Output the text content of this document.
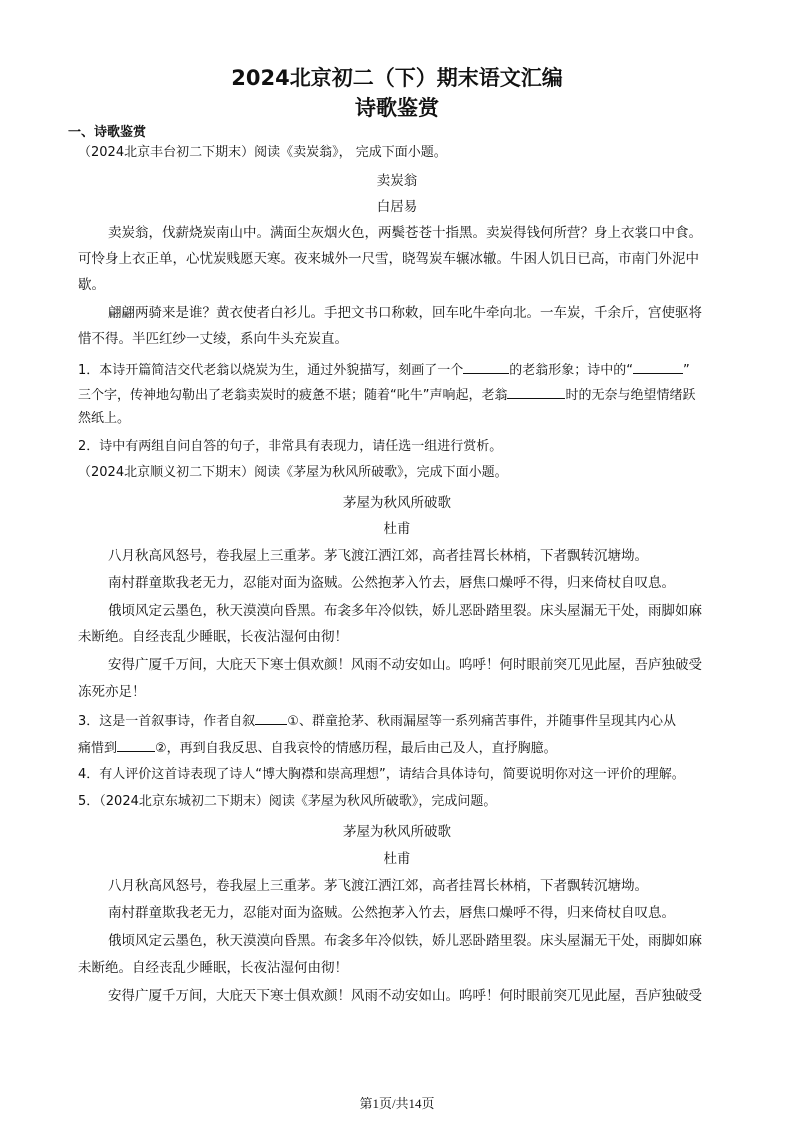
2024北京初二（下）期末语文汇编
诗歌鉴赏
一、诗歌鉴赏
（2024北京丰台初二下期末）阅读《卖炭翁》， 完成下面小题。
卖炭翁
白居易
卖炭翁，伐薪烧炭南山中。满面尘灰烟火色，两鬓苍苍十指黑。卖炭得钱何所营？身上衣裳口中食。
可怜身上衣正单，心忧炭贱愿天寒。夜来城外一尺雪，晓驾炭车辗冰辙。牛困人饥日已高，市南门外泥中
歇。
翩翩两骑来是谁？黄衣使者白衫儿。手把文书口称敕，回车叱牛牵向北。一车炭，千余斤，宫使驱将
惜不得。半匹红纱一丈绫，系向牛头充炭直。
1．本诗开篇简洁交代老翁以烧炭为生，通过外貌描写，刻画了一个	的老翁形象；诗中的“	”
三个字，传神地勾勒出了老翁卖炭时的疲惫不堪；随着“叱牛”声响起，老翁	时的无奈与绝望情绪跃
然纸上。
2．诗中有两组自问自答的句子，非常具有表现力，请任选一组进行赏析。
（2024北京顺义初二下期末）阅读《茅屋为秋风所破歌》，完成下面小题。
茅屋为秋风所破歌
杜甫
八月秋高风怒号，卷我屋上三重茅。茅飞渡江洒江郊，高者挂罥长林梢，下者飘转沉塘坳。
南村群童欺我老无力，忍能对面为盗贼。公然抱茅入竹去，唇焦口燥呼不得，归来倚杖自叹息。
俄顷风定云墨色，秋天漠漠向昏黑。布衾多年冷似铁，娇儿恶卧踏里裂。床头屋漏无干处，雨脚如麻
未断绝。自经丧乱少睡眠，长夜沾湿何由彻！
安得广厦千万间，大庇天下寒士俱欢颜！风雨不动安如山。呜呼！何时眼前突兀见此屋，吾庐独破受
冻死亦足！
3．这是一首叙事诗，作者自叙 ①、群童抢茅、秋雨漏屋等一系列痛苦事件，并随事件呈现其内心从
痛惜到	②，再到自我反思、自我哀怜的情感历程，最后由己及人，直抒胸臆。
4．有人评价这首诗表现了诗人“博大胸襟和崇高理想”，请结合具体诗句，简要说明你对这一评价的理解。
5．（2024北京东城初二下期末）阅读《茅屋为秋风所破歌》，完成问题。
茅屋为秋风所破歌
杜甫
八月秋高风怒号，卷我屋上三重茅。茅飞渡江洒江郊，高者挂罥长林梢，下者飘转沉塘坳。
南村群童欺我老无力，忍能对面为盗贼。公然抱茅入竹去，唇焦口燥呼不得，归来倚杖自叹息。
俄顷风定云墨色，秋天漠漠向昏黑。布衾多年冷似铁，娇儿恶卧踏里裂。床头屋漏无干处，雨脚如麻
未断绝。自经丧乱少睡眠，长夜沾湿何由彻！
安得广厦千万间，大庇天下寒士俱欢颜！风雨不动安如山。呜呼！何时眼前突兀见此屋，吾庐独破受
第1页/共14页
